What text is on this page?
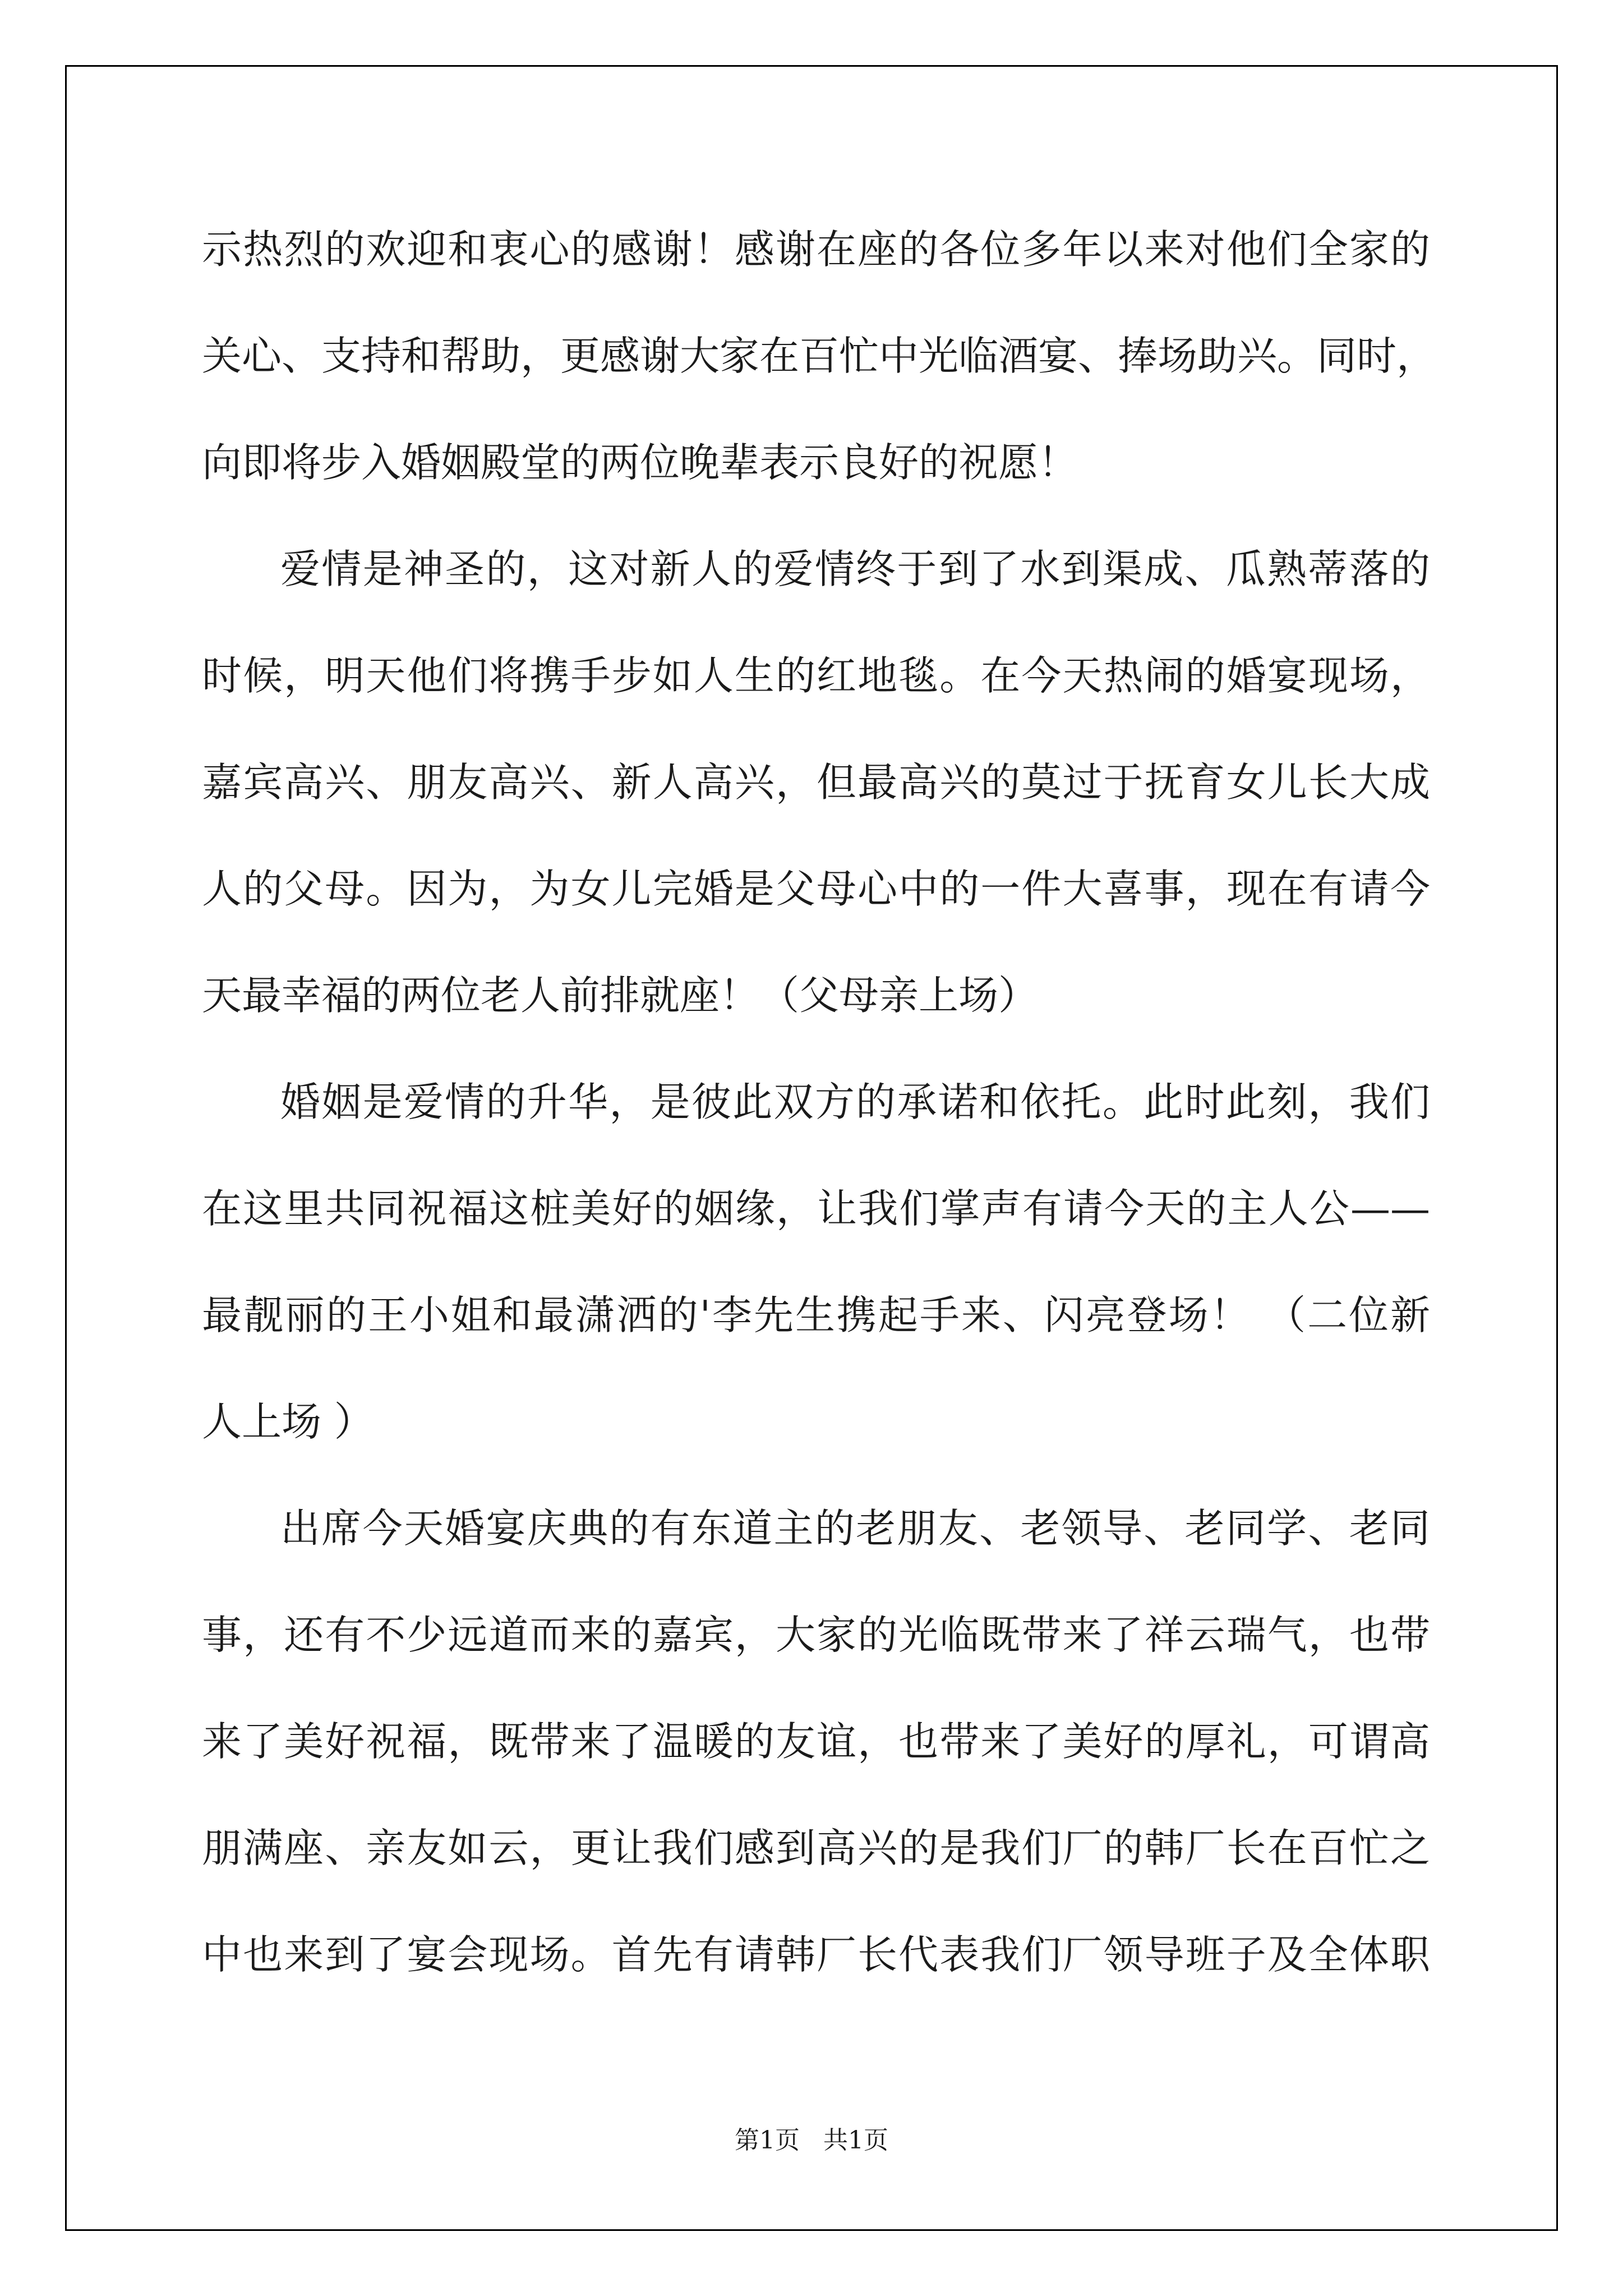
示热烈的欢迎和衷心的感谢！感谢在座的各位多年以来对他们全家的

关心、支持和帮助，更感谢大家在百忙中光临酒宴、捧场助兴。同时，

向即将步入婚姻殿堂的两位晚辈表示良好的祝愿！

爱情是神圣的，这对新人的爱情终于到了水到渠成、瓜熟蒂落的

时候，明天他们将携手步如人生的红地毯。在今天热闹的婚宴现场，

嘉宾高兴、朋友高兴、新人高兴，但最高兴的莫过于抚育女儿长大成

人的父母。因为，为女儿完婚是父母心中的一件大喜事，现在有请今

天最幸福的两位老人前排就座！（父母亲上场）

婚姻是爱情的升华，是彼此双方的承诺和依托。此时此刻，我们

在这里共同祝福这桩美好的姻缘，让我们掌声有请今天的主人公——

最靓丽的王小姐和最潇洒的'李先生携起手来、闪亮登场！ （二位新

人上场 ）

出席今天婚宴庆典的有东道主的老朋友、老领导、老同学、老同

事，还有不少远道而来的嘉宾，大家的光临既带来了祥云瑞气，也带

来了美好祝福，既带来了温暖的友谊，也带来了美好的厚礼，可谓高

朋满座、亲友如云，更让我们感到高兴的是我们厂的韩厂长在百忙之

中也来到了宴会现场。首先有请韩厂长代表我们厂领导班子及全体职

第1页   共1页
